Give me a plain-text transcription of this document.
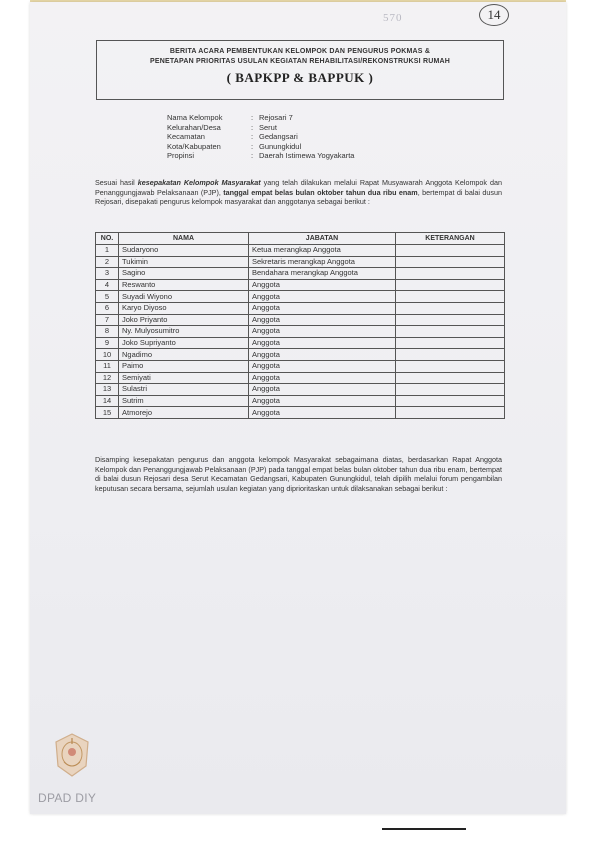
570	14
BERITA ACARA PEMBENTUKAN KELOMPOK DAN PENGURUS POKMAS &
PENETAPAN PRIORITAS USULAN KEGIATAN REHABILITASI/REKONSTRUKSI RUMAH
( BAPKPP & BAPPUK )
Nama Kelompok	: Rejosari 7
Kelurahan/Desa	: Serut
Kecamatan	: Gedangsari
Kota/Kabupaten	: Gunungkidul
Propinsi	: Daerah Istimewa Yogyakarta

Sesuai hasil kesepakatan Kelompok Masyarakat yang telah dilakukan melalui Rapat Musyawarah Anggota Kelompok dan Penanggungjawab Pelaksanaan (PJP), tanggal empat belas bulan oktober tahun dua ribu enam, bertempat di balai dusun Rejosari, disepakati pengurus kelompok masyarakat dan anggotanya sebagai berikut :

NO.	NAMA	JABATAN	KETERANGAN
1	Sudaryono	Ketua merangkap Anggota	
2	Tukimin	Sekretaris merangkap Anggota	
3	Sagino	Bendahara merangkap Anggota	
4	Reswanto	Anggota	
5	Suyadi Wiyono	Anggota	
6	Karyo Diyoso	Anggota	
7	Joko Priyanto	Anggota	
8	Ny. Mulyosumitro	Anggota	
9	Joko Supriyanto	Anggota	
10	Ngadimo	Anggota	
11	Paimo	Anggota	
12	Semiyati	Anggota	
13	Sulastri	Anggota	
14	Sutrim	Anggota	
15	Atmorejo	Anggota	

Disamping kesepakatan pengurus dan anggota kelompok Masyarakat sebagaimana diatas, berdasarkan Rapat Anggota Kelompok dan Penanggungjawab Pelaksanaan (PJP) pada tanggal empat belas bulan oktober tahun dua ribu enam, bertempat di balai dusun Rejosari desa Serut Kecamatan Gedangsari, Kabupaten Gunungkidul, telah dipilih melalui forum pengambilan keputusan secara bersama, sejumlah usulan kegiatan yang diprioritaskan untuk dilaksanakan sebagai berikut :

DPAD DIY
